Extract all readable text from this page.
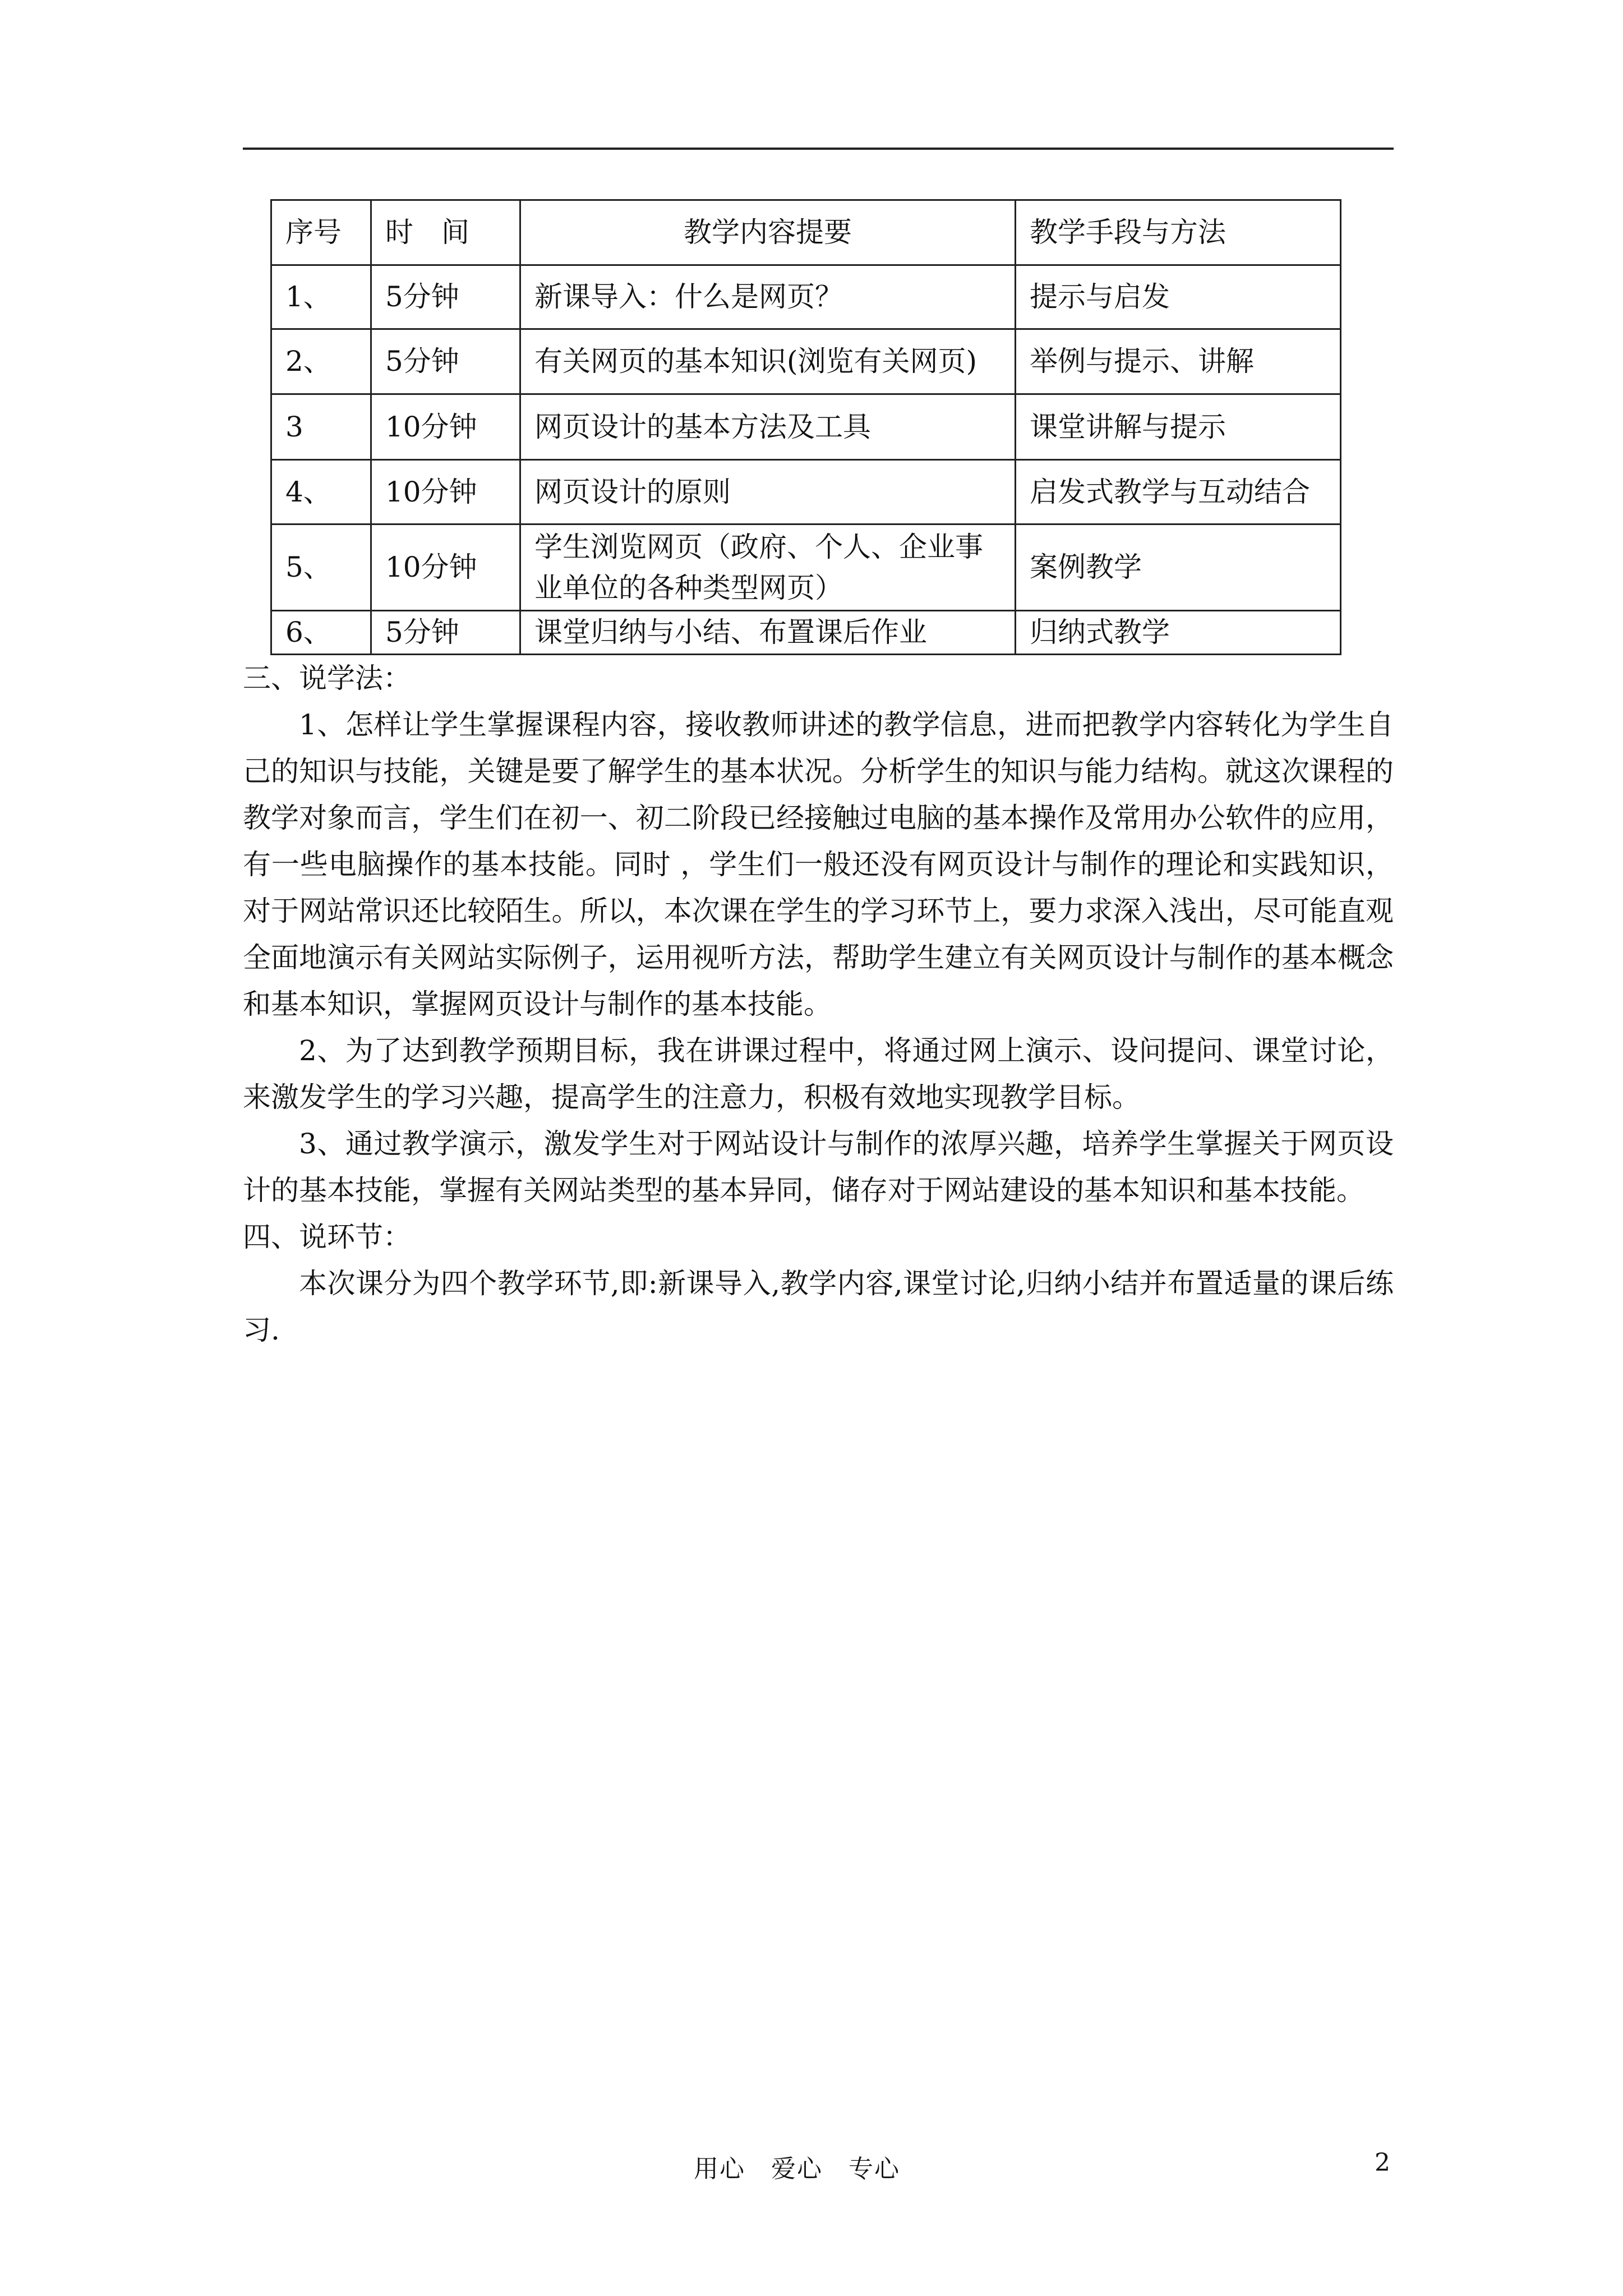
序号	时　间	教学内容提要	教学手段与方法
1、	5分钟	新课导入：什么是网页？	提示与启发
2、	5分钟	有关网页的基本知识(浏览有关网页)	举例与提示、讲解
3	10分钟	网页设计的基本方法及工具	课堂讲解与提示
4、	10分钟	网页设计的原则	启发式教学与互动结合
5、	10分钟	学生浏览网页（政府、个人、企业事业单位的各种类型网页）	案例教学
6、	5分钟	课堂归纳与小结、布置课后作业	归纳式教学

三、说学法：

1、怎样让学生掌握课程内容，接收教师讲述的教学信息，进而把教学内容转化为学生自己的知识与技能，关键是要了解学生的基本状况。分析学生的知识与能力结构。就这次课程的教学对象而言，学生们在初一、初二阶段已经接触过电脑的基本操作及常用办公软件的应用，有一些电脑操作的基本技能。同时 ，学生们一般还没有网页设计与制作的理论和实践知识，对于网站常识还比较陌生。所以，本次课在学生的学习环节上，要力求深入浅出，尽可能直观全面地演示有关网站实际例子，运用视听方法，帮助学生建立有关网页设计与制作的基本概念和基本知识，掌握网页设计与制作的基本技能。

2、为了达到教学预期目标，我在讲课过程中，将通过网上演示、设问提问、课堂讨论，来激发学生的学习兴趣，提高学生的注意力，积极有效地实现教学目标。

3、通过教学演示，激发学生对于网站设计与制作的浓厚兴趣，培养学生掌握关于网页设计的基本技能，掌握有关网站类型的基本异同，储存对于网站建设的基本知识和基本技能。

四、说环节：

本次课分为四个教学环节,即:新课导入,教学内容,课堂讨论,归纳小结并布置适量的课后练习.

用心　爱心　专心	2
